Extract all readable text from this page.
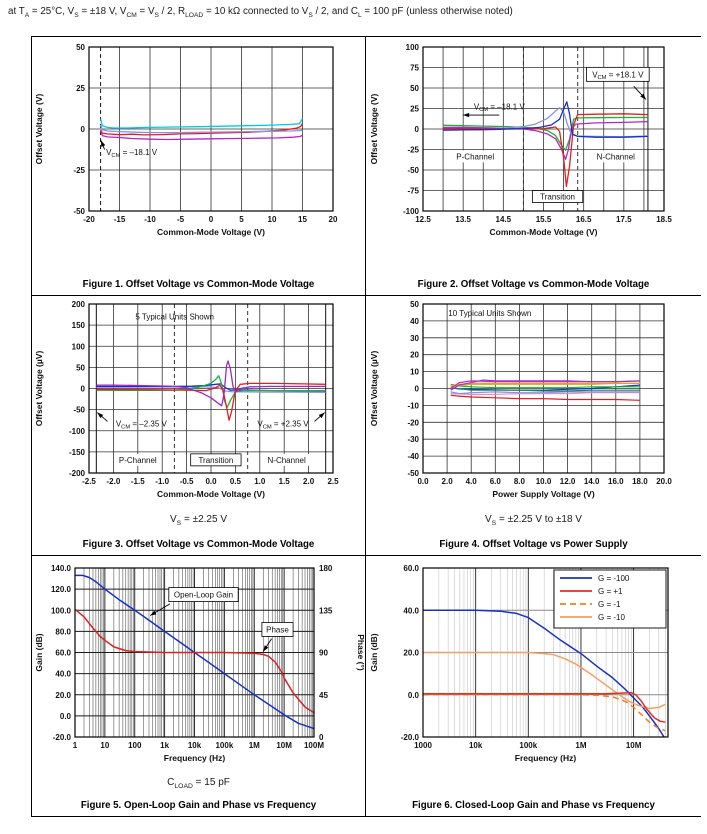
at $T_A = 25^\circ C$, $V_S = \pm 18$ V, $V_{CM} = V_S / 2$, $R_{LOAD} = 10$ kΩ connected to $V_S / 2$, and $C_L = 100$ pF (unless otherwise noted)
$V_{CM} = -18.1$ V
-20 -15 -10	-5	0	5	10	15	20
50
25
0
-25
-50
Common-Mode Voltage (V)
Offset Voltage (V)
Figure 1. Offset Voltage vs Common-Mode Voltage
P-Channel	N-Channel
Transition
$V_{CM} = -18.1$ V
$V_{CM} = +18.1$ V
12.5	13.5	14.5	15.5	16.5	17.5	18.5
100
75
50
25
0
-25
-50
-75
-100
Common-Mode Voltage (V)
Offset Voltage (V)
Figure 2. Offset Voltage vs Common-Mode Voltage
P-Channel	Transition	N-Channel
5 Typical Units Shown
$V_{CM} = -2.35$ V	$V_{CM} = +2.35$ V
-2.5 -2.0 -1.5 -1.0 -0.5 0.0 0.5 1.0 1.5 2.0 2.5
200
150
100
50
0
-50
-100
-150
-200
Common-Mode Voltage (V)
Offset Voltage (µV)
$V_S = \pm 2.25$ V
Figure 3. Offset Voltage vs Common-Mode Voltage
10 Typical Units Shown
0.0 2.0 4.0 6.0 8.0 10.0 12.0 14.0 16.0 18.0 20.0
50
40
30
20
10
0
-10
-20
-30
-40
-50
Power Supply Voltage (V)
Offset Voltage (µV)
$V_S = \pm 2.25$ V to ±18 V
Figure 4. Offset Voltage vs Power Supply
Open-Loop Gain
Phase
1	10 100 1k 10k 100k 1M 10M 100M
140.0
120.0
100.0
80.0
60.0
40.0
20.0
0.0
-20.0
180
135
90
45
0
Phase (°)
Frequency (Hz)
Gain (dB)
$C_{LOAD} = 15$ pF
Figure 5. Open-Loop Gain and Phase vs Frequency
1000	10k	100k	1M	10M
60.0
40.0
20.0
0.0
-20.0
Frequency (Hz)
Gain (dB)
G = -100
G = +1
G = -1
G = -10
Figure 6. Closed-Loop Gain and Phase vs Frequency
